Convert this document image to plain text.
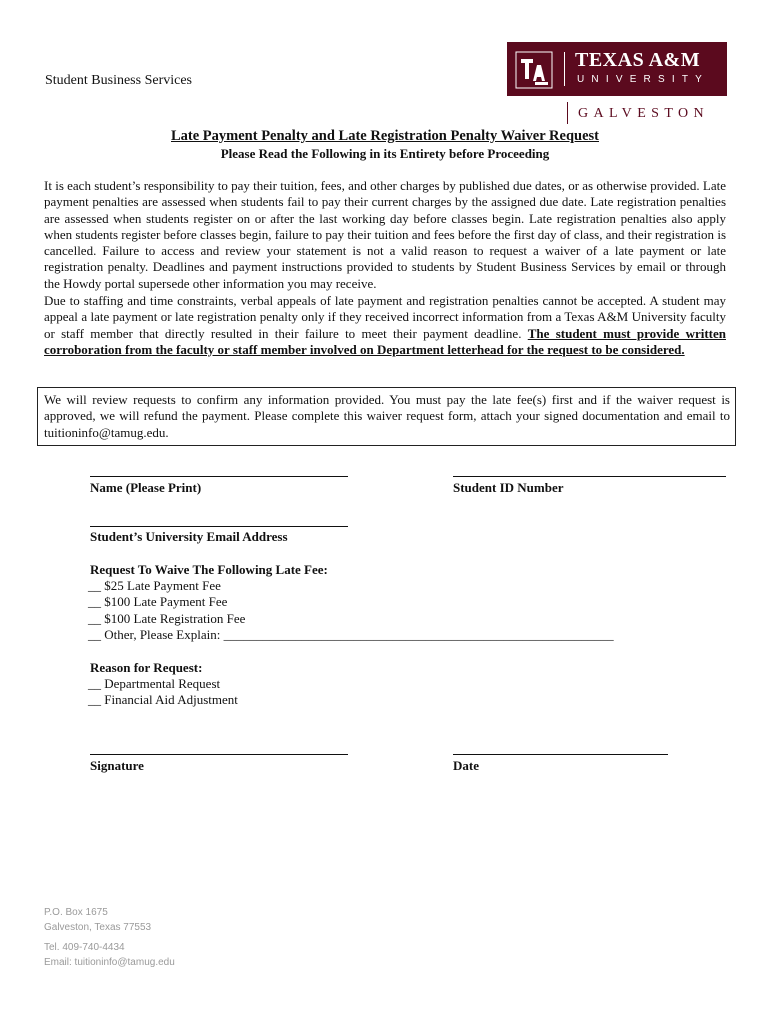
Student Business Services
TEXAS A&M
UNIVERSITY
GALVESTON
Late Payment Penalty and Late Registration Penalty Waiver Request
Please Read the Following in its Entirety before Proceeding
It is each student’s responsibility to pay their tuition, fees, and other charges by published due dates, or as otherwise provided. Late payment penalties are assessed when students fail to pay their current charges by the assigned due date. Late registration penalties are assessed when students register on or after the last working day before classes begin. Late registration penalties also apply when students register before classes begin, failure to pay their tuition and fees before the first day of class, and their registration is cancelled. Failure to access and review your statement is not a valid reason to request a waiver of a late payment or late registration penalty. Deadlines and payment instructions provided to students by Student Business Services by email or through the Howdy portal supersede other information you may receive.
Due to staffing and time constraints, verbal appeals of late payment and registration penalties cannot be accepted. A student may appeal a late payment or late registration penalty only if they received incorrect information from a Texas A&M University faculty or staff member that directly resulted in their failure to meet their payment deadline. The student must provide written corroboration from the faculty or staff member involved on Department letterhead for the request to be considered.
We will review requests to confirm any information provided. You must pay the late fee(s) first and if the waiver request is approved, we will refund the payment. Please complete this waiver request form, attach your signed documentation and email to tuitioninfo@tamug.edu.
Name (Please Print)	Student ID Number
Student’s University Email Address
Request To Waive The Following Late Fee:
__ $25 Late Payment Fee
__ $100 Late Payment Fee
__ $100 Late Registration Fee
__ Other, Please Explain: ____________________________________________________________
Reason for Request:
__ Departmental Request
__ Financial Aid Adjustment
Signature	Date
P.O. Box 1675
Galveston, Texas 77553
Tel. 409-740-4434
Email: tuitioninfo@tamug.edu
